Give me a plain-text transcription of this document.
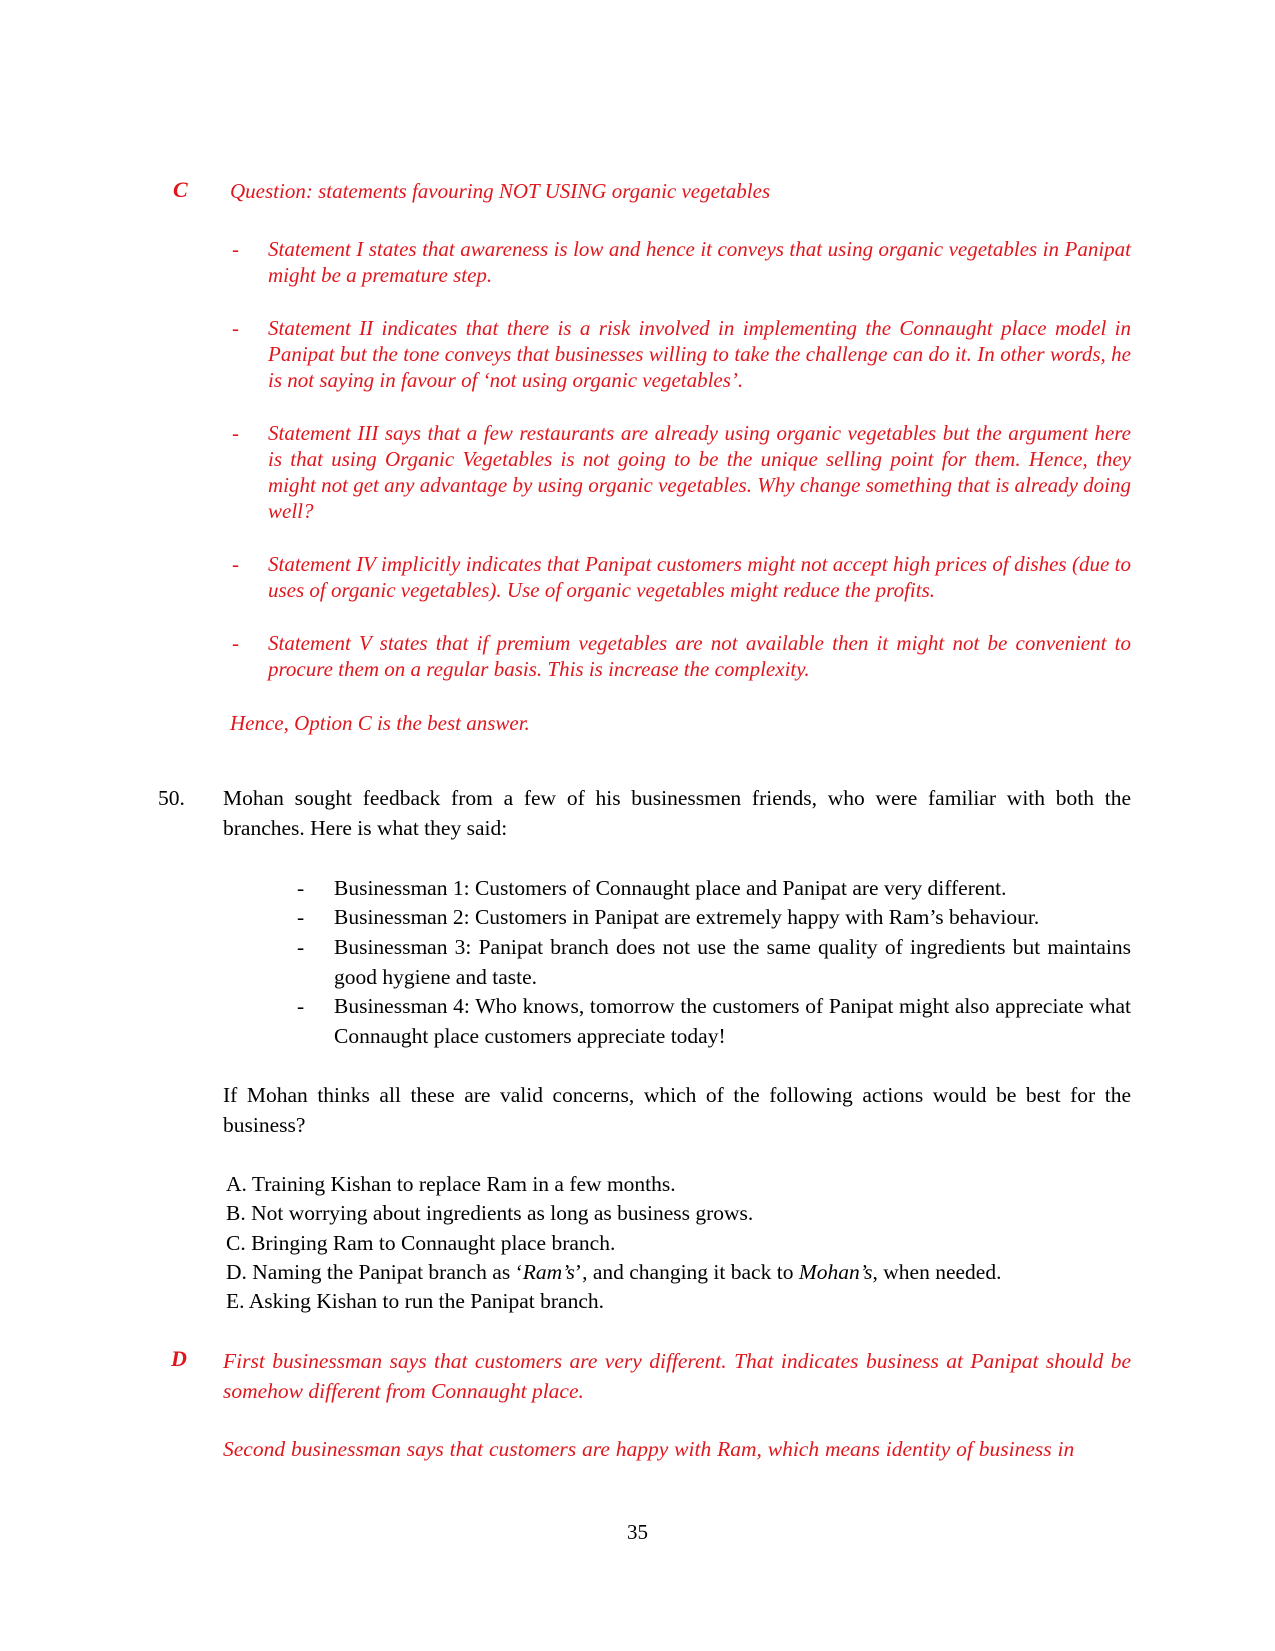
C Question: statements favouring NOT USING organic vegetables
- Statement I states that awareness is low and hence it conveys that using organic vegetables in Panipat might be a premature step.
- Statement II indicates that there is a risk involved in implementing the Connaught place model in Panipat but the tone conveys that businesses willing to take the challenge can do it. In other words, he is not saying in favour of ‘not using organic vegetables’.
- Statement III says that a few restaurants are already using organic vegetables but the argument here is that using Organic Vegetables is not going to be the unique selling point for them. Hence, they might not get any advantage by using organic vegetables. Why change something that is already doing well?
- Statement IV implicitly indicates that Panipat customers might not accept high prices of dishes (due to uses of organic vegetables). Use of organic vegetables might reduce the profits.
- Statement V states that if premium vegetables are not available then it might not be convenient to procure them on a regular basis. This is increase the complexity.
Hence, Option C is the best answer.
50. Mohan sought feedback from a few of his businessmen friends, who were familiar with both the branches. Here is what they said:
- Businessman 1: Customers of Connaught place and Panipat are very different.
- Businessman 2: Customers in Panipat are extremely happy with Ram’s behaviour.
- Businessman 3: Panipat branch does not use the same quality of ingredients but maintains good hygiene and taste.
- Businessman 4: Who knows, tomorrow the customers of Panipat might also appreciate what Connaught place customers appreciate today!
If Mohan thinks all these are valid concerns, which of the following actions would be best for the business?
A. Training Kishan to replace Ram in a few months.
B. Not worrying about ingredients as long as business grows.
C. Bringing Ram to Connaught place branch.
D. Naming the Panipat branch as ‘Ram’s’, and changing it back to Mohan’s, when needed.
E. Asking Kishan to run the Panipat branch.
D First businessman says that customers are very different. That indicates business at Panipat should be somehow different from Connaught place.
Second businessman says that customers are happy with Ram, which means identity of business in
35
